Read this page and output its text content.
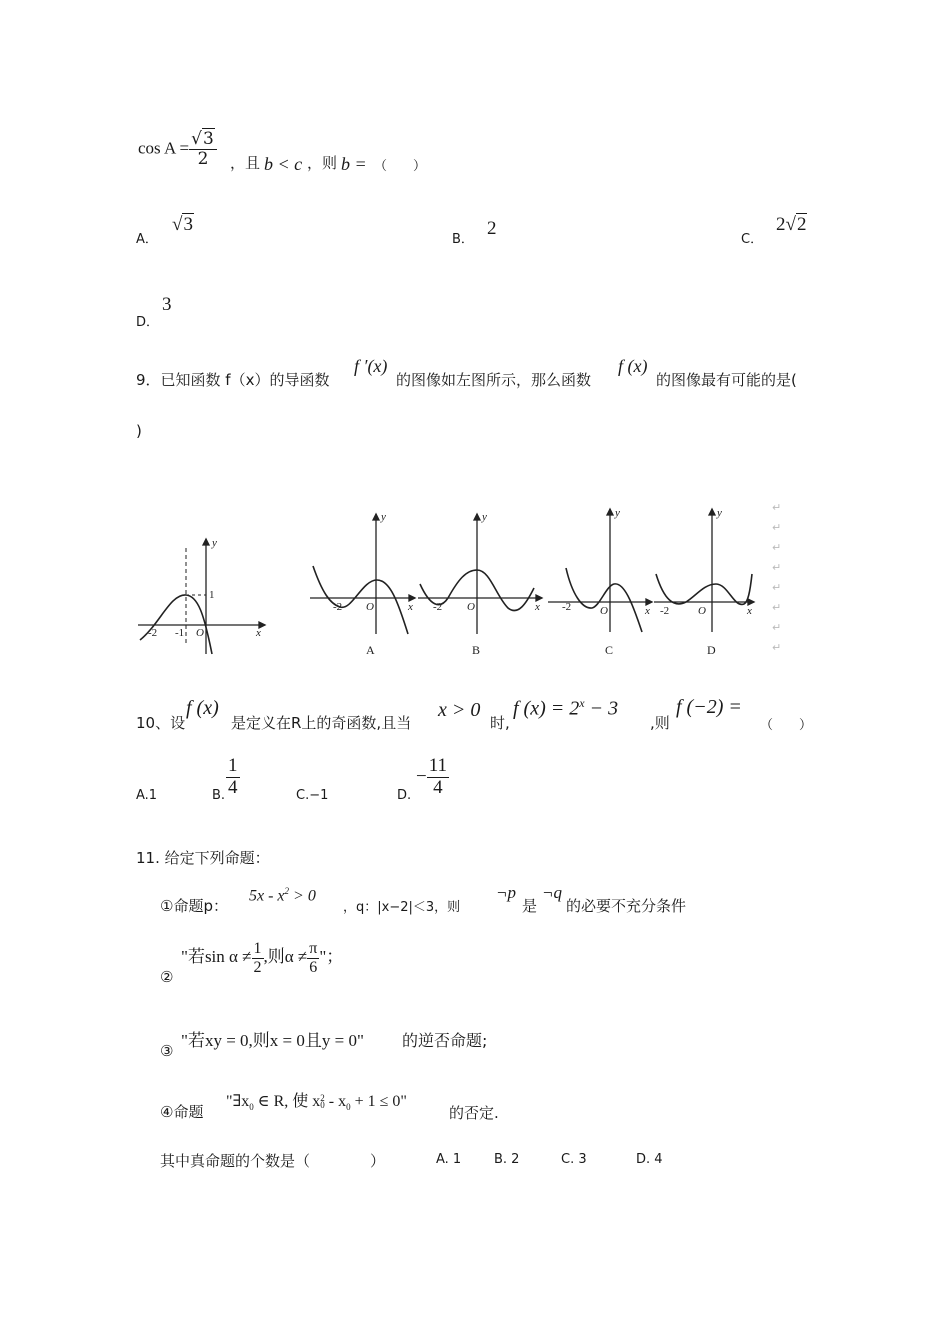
$\cos A = \frac{√3}{2}$ ，且 b < c ，则 b = （　　）
A．
√3
B．
2
C．
2√2
D．
3
9．已知函数 f（x）的导函数
f ′(x)
的图像如左图所示，那么函数
f (x)
的图像最有可能的是(
)
y
x
O
1
-1
-2
y
x
O
-2
y
x
O
-2
y
x
O
-2
y
x
O
-2
A	B	C	D
↵
↵
↵
↵
↵
↵
↵
↵
10、设
f (x)
是定义在R上的奇函数,且当
x > 0
时,
f $(x) = 2^x - 3$
,则
f (−2) =
（　　）
A.1	B. $\frac{1}{4}$	C.−1	D.
− $\frac{11}{4}$
11. 给定下列命题：
①命题p：
$5x - x^2 > 0$
，q：|x−2|＜3，则
¬p
是
¬q
的必要不充分条件
②
"若$\sin \alpha \ne \frac{1}{2}$ ,则$\alpha \ne \frac{\pi}{6}$ "；
③
"若xy = 0,则x = 0且y = 0" 的逆否命题;
④命题
"$\exists x_0$ ∈ R, 使 x 2
$0 - x_0 + 1 \le 0$"
的否定.
其中真命题的个数是（　　　　）	A. 1	B. 2	C. 3	D. 4
